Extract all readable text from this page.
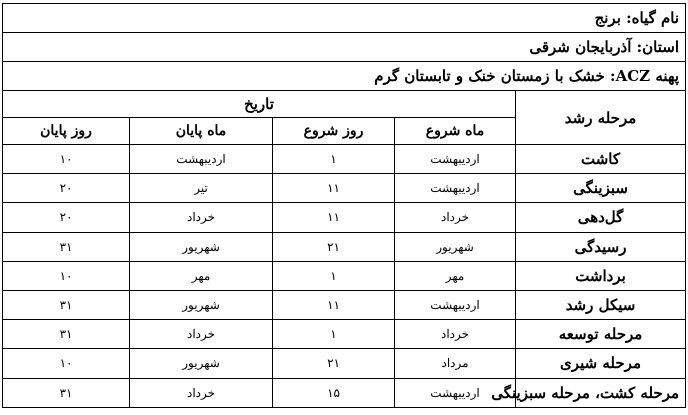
نام گیاه: برنج				
استان: آذربایجان شرقی				
پهنه ACZ: خشک با زمستان خنک و تابستان گرم				
مرحله رشد	تاریخ			
	ماه شروع	روز شروع	ماه پایان	روز پایان
کاشت	اردیبهشت	۱	اردیبهشت	۱۰
سبزینگی	اردیبهشت	۱۱	تیر	۲۰
گل‌دهی	خرداد	۱۱	خرداد	۲۰
رسیدگی	شهریور	۲۱	شهریور	۳۱
برداشت	مهر	۱	مهر	۱۰
سیکل رشد	اردیبهشت	۱۱	شهریور	۳۱
مرحله توسعه	خرداد	۱	خرداد	۳۱
مرحله شیری	مرداد	۲۱	شهریور	۱۰
مرحله کشت، مرحله سبزینگی	اردیبهشت	۱۵	خرداد	۳۱
